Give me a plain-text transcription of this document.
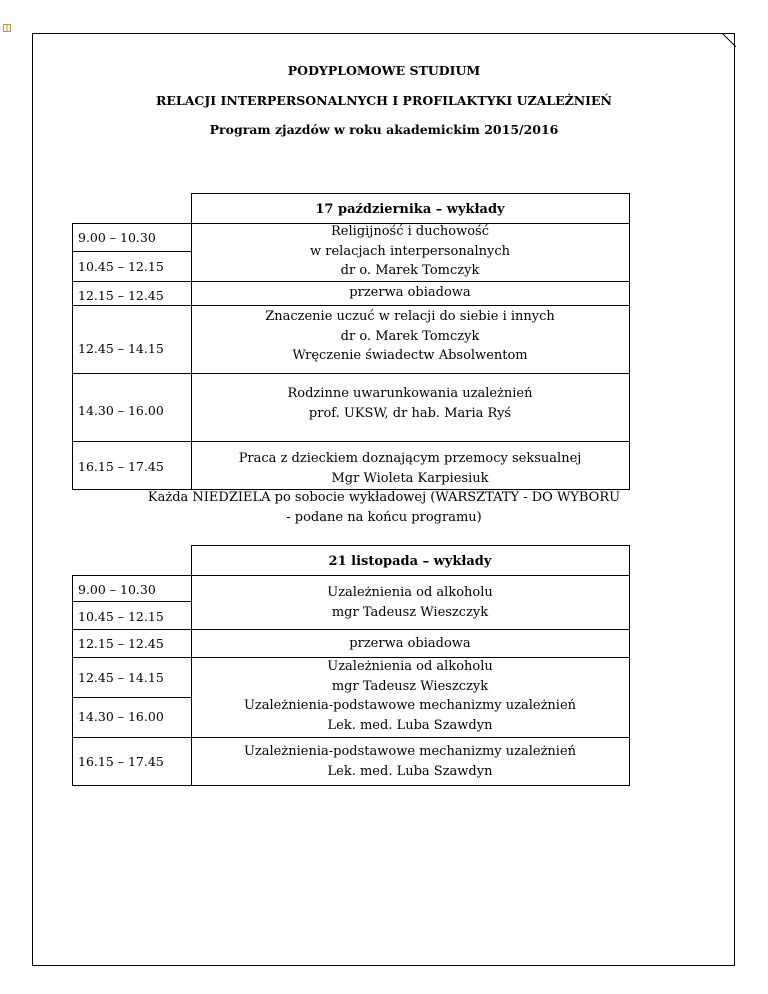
PODYPLOMOWE STUDIUM
RELACJI INTERPERSONALNYCH I PROFILAKTYKI UZALEŻNIEŃ
Program zjazdów w roku akademickim 2015/2016
17 października – wykłady
9.00 – 10.30
10.45 – 12.15
12.15 – 12.45
12.45 – 14.15
14.30 – 16.00
16.15 – 17.45
Religijność i duchowość
w relacjach interpersonalnych
dr o. Marek Tomczyk
przerwa obiadowa
Znaczenie uczuć w relacji do siebie i innych
dr o. Marek Tomczyk
Wręczenie świadectw Absolwentom
Rodzinne uwarunkowania uzależnień
prof. UKSW, dr hab. Maria Ryś
Praca z dzieckiem doznającym przemocy seksualnej
Mgr Wioleta Karpiesiuk
Każda NIEDZIELA po sobocie wykładowej (WARSZTATY - DO WYBORU
- podane na końcu programu)
21 listopada – wykłady
9.00 – 10.30
10.45 – 12.15
12.15 – 12.45
12.45 – 14.15
14.30 – 16.00
16.15 – 17.45
Uzależnienia od alkoholu
mgr Tadeusz Wieszczyk
przerwa obiadowa
Uzależnienia od alkoholu
mgr Tadeusz Wieszczyk
Uzależnienia-podstawowe mechanizmy uzależnień
Lek. med. Luba Szawdyn
Uzależnienia-podstawowe mechanizmy uzależnień
Lek. med. Luba Szawdyn
